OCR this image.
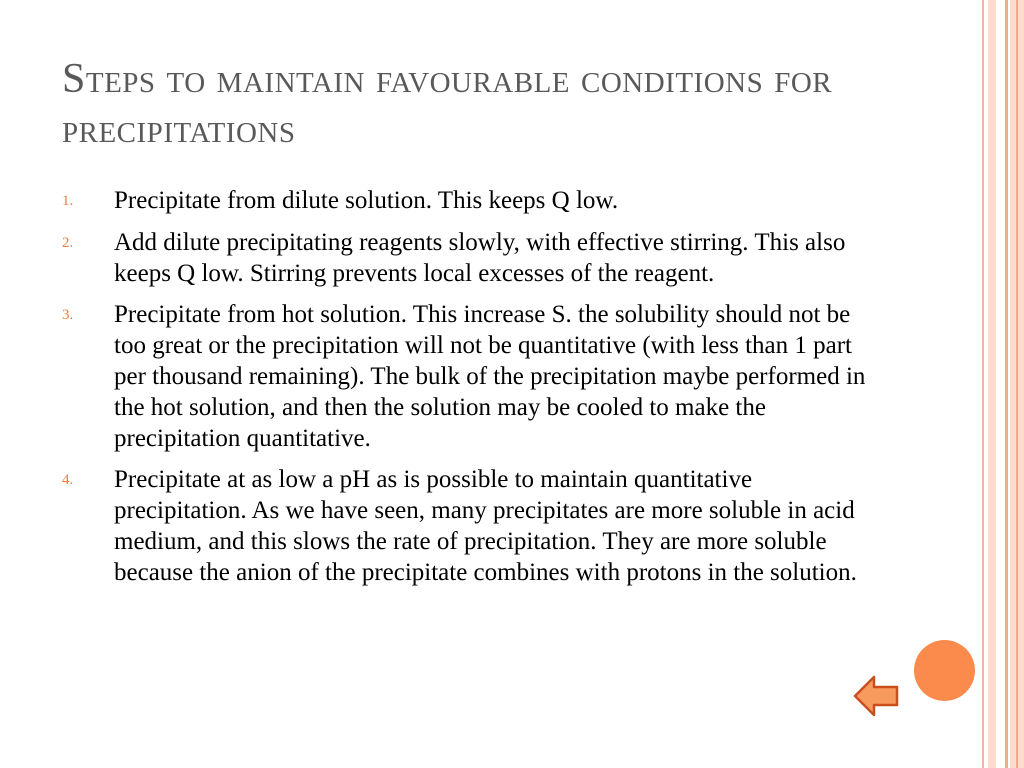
Steps to maintain favourable conditions for precipitations
1.	Precipitate from dilute solution. This keeps Q low.
2.	Add dilute precipitating reagents slowly, with effective stirring. This also keeps Q low. Stirring prevents local excesses of the reagent.
3.	Precipitate from hot solution. This increase S. the solubility should not be too great or the precipitation will not be quantitative (with less than 1 part per thousand remaining). The bulk of the precipitation maybe performed in the hot solution, and then the solution may be cooled to make the precipitation quantitative.
4.	Precipitate at as low a pH as is possible to maintain quantitative precipitation. As we have seen, many precipitates are more soluble in acid medium, and this slows the rate of precipitation. They are more soluble because the anion of the precipitate combines with protons in the solution.
